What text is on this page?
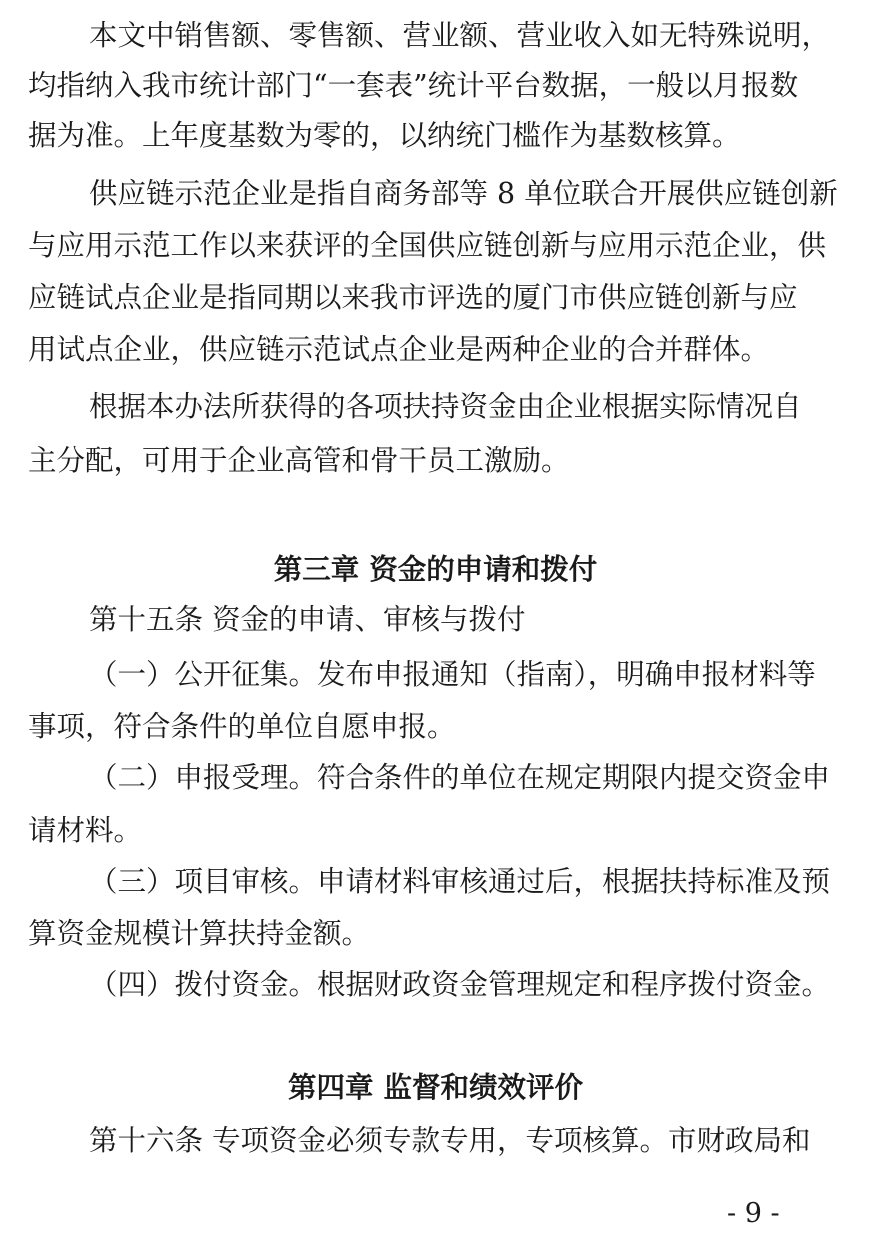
本文中销售额、零售额、营业额、营业收入如无特殊说明，

均指纳入我市统计部门“一套表”统计平台数据，一般以月报数

据为准。上年度基数为零的，以纳统门槛作为基数核算。

供应链示范企业是指自商务部等 8 单位联合开展供应链创新

与应用示范工作以来获评的全国供应链创新与应用示范企业，供

应链试点企业是指同期以来我市评选的厦门市供应链创新与应

用试点企业，供应链示范试点企业是两种企业的合并群体。

根据本办法所获得的各项扶持资金由企业根据实际情况自

主分配，可用于企业高管和骨干员工激励。

第三章 资金的申请和拨付

第十五条 资金的申请、审核与拨付

（一）公开征集。发布申报通知（指南），明确申报材料等

事项，符合条件的单位自愿申报。

（二）申报受理。符合条件的单位在规定期限内提交资金申

请材料。

（三）项目审核。申请材料审核通过后，根据扶持标准及预

算资金规模计算扶持金额。

（四）拨付资金。根据财政资金管理规定和程序拨付资金。

第四章 监督和绩效评价

第十六条 专项资金必须专款专用，专项核算。市财政局和

- 9 -
